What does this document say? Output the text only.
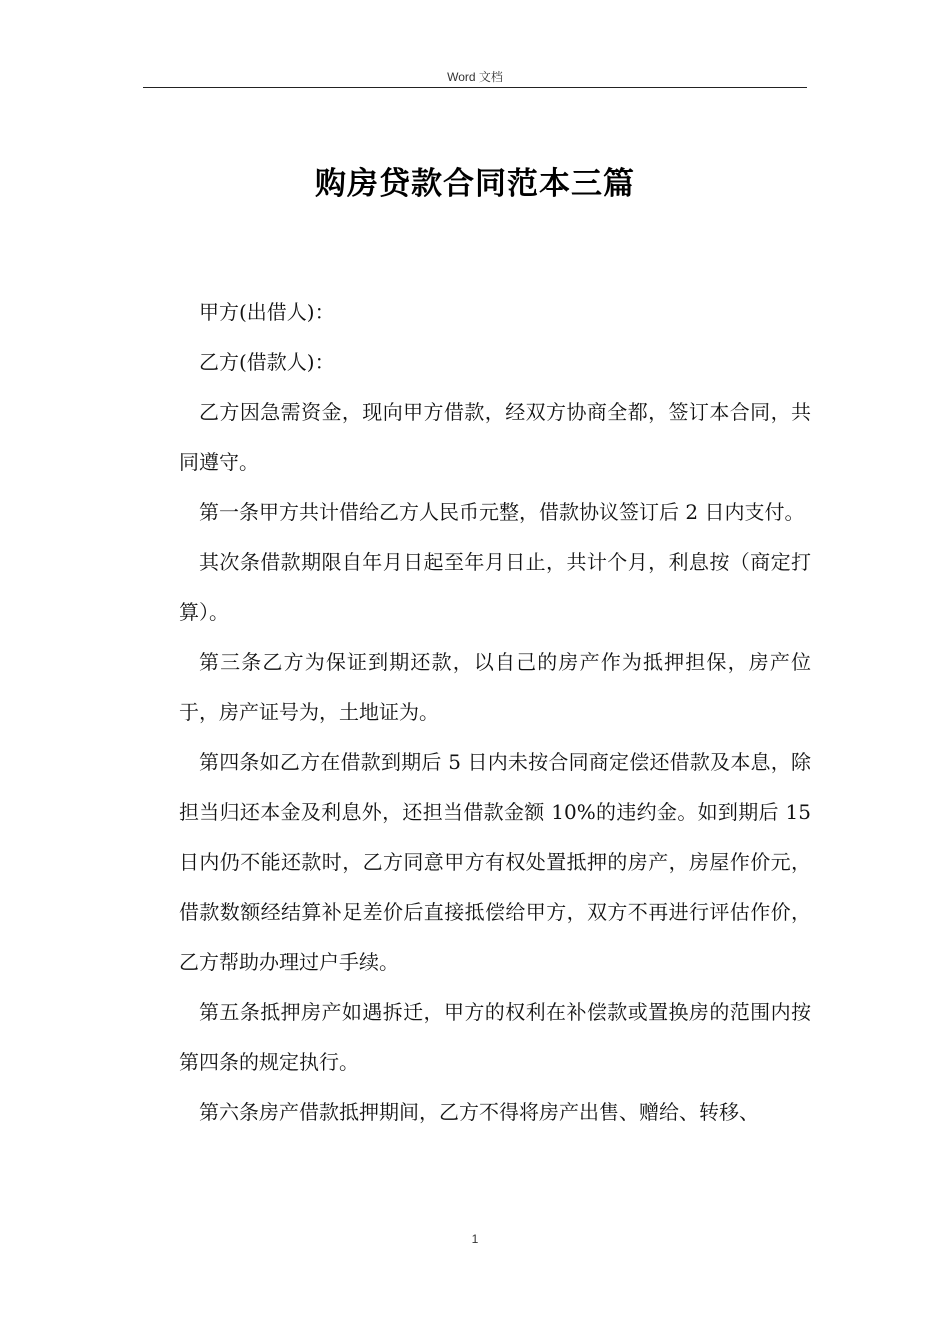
Word 文档
购房贷款合同范本三篇

甲方(出借人)：

乙方(借款人)：

乙方因急需资金，现向甲方借款，经双方协商全都，签订本合同，共同遵守。

第一条甲方共计借给乙方人民币元整，借款协议签订后 2 日内支付。

其次条借款期限自年月日起至年月日止，共计个月，利息按（商定打算）。

第三条乙方为保证到期还款，以自己的房产作为抵押担保，房产位于，房产证号为，土地证为。

第四条如乙方在借款到期后 5 日内未按合同商定偿还借款及本息，除担当归还本金及利息外，还担当借款金额 10%的违约金。如到期后 15 日内仍不能还款时，乙方同意甲方有权处置抵押的房产，房屋作价元，借款数额经结算补足差价后直接抵偿给甲方，双方不再进行评估作价，乙方帮助办理过户手续。

第五条抵押房产如遇拆迁，甲方的权利在补偿款或置换房的范围内按第四条的规定执行。

第六条房产借款抵押期间，乙方不得将房产出售、赠给、转移、

1
